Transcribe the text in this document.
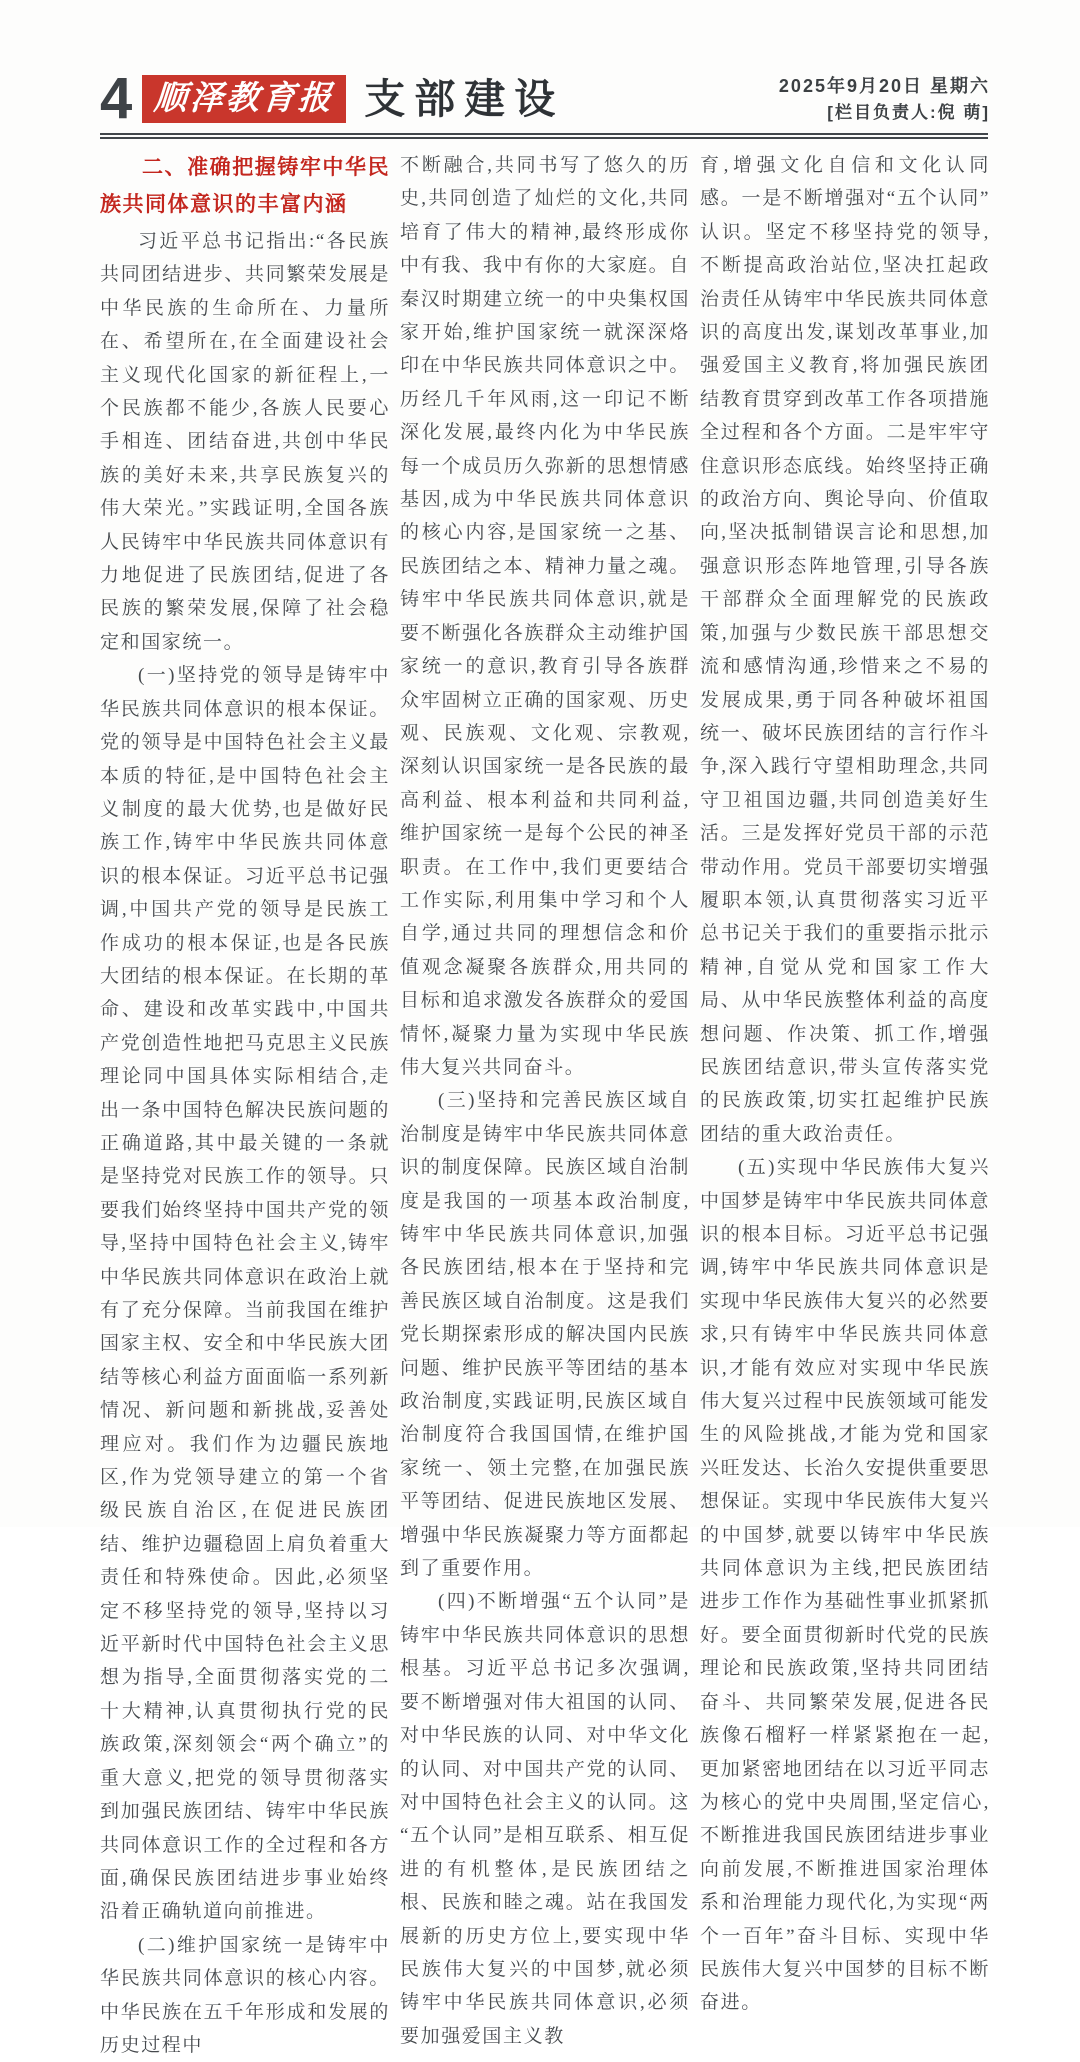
4 顺泽教育报 支部建设	2025年9月20日 星期六
[栏目负责人:倪 萌]
二、准确把握铸牢中华民族共同体意识的丰富内涵

习近平总书记指出:“各民族共同团结进步、共同繁荣发展是中华民族的生命所在、力量所在、希望所在,在全面建设社会主义现代化国家的新征程上,一个民族都不能少,各族人民要心手相连、团结奋进,共创中华民族的美好未来,共享民族复兴的伟大荣光。”实践证明,全国各族人民铸牢中华民族共同体意识有力地促进了民族团结,促进了各民族的繁荣发展,保障了社会稳定和国家统一。

(一)坚持党的领导是铸牢中华民族共同体意识的根本保证。党的领导是中国特色社会主义最本质的特征,是中国特色社会主义制度的最大优势,也是做好民族工作,铸牢中华民族共同体意识的根本保证。习近平总书记强调,中国共产党的领导是民族工作成功的根本保证,也是各民族大团结的根本保证。在长期的革命、建设和改革实践中,中国共产党创造性地把马克思主义民族理论同中国具体实际相结合,走出一条中国特色解决民族问题的正确道路,其中最关键的一条就是坚持党对民族工作的领导。只要我们始终坚持中国共产党的领导,坚持中国特色社会主义,铸牢中华民族共同体意识在政治上就有了充分保障。当前我国在维护国家主权、安全和中华民族大团结等核心利益方面面临一系列新情况、新问题和新挑战,妥善处理应对。我们作为边疆民族地区,作为党领导建立的第一个省级民族自治区,在促进民族团结、维护边疆稳固上肩负着重大责任和特殊使命。因此,必须坚定不移坚持党的领导,坚持以习近平新时代中国特色社会主义思想为指导,全面贯彻落实党的二十大精神,认真贯彻执行党的民族政策,深刻领会“两个确立”的重大意义,把党的领导贯彻落实到加强民族团结、铸牢中华民族共同体意识工作的全过程和各方面,确保民族团结进步事业始终沿着正确轨道向前推进。

(二)维护国家统一是铸牢中华民族共同体意识的核心内容。中华民族在五千年形成和发展的历史过程中

不断融合,共同书写了悠久的历史,共同创造了灿烂的文化,共同培育了伟大的精神,最终形成你中有我、我中有你的大家庭。自秦汉时期建立统一的中央集权国家开始,维护国家统一就深深烙印在中华民族共同体意识之中。历经几千年风雨,这一印记不断深化发展,最终内化为中华民族每一个成员历久弥新的思想情感基因,成为中华民族共同体意识的核心内容,是国家统一之基、民族团结之本、精神力量之魂。铸牢中华民族共同体意识,就是要不断强化各族群众主动维护国家统一的意识,教育引导各族群众牢固树立正确的国家观、历史观、民族观、文化观、宗教观,深刻认识国家统一是各民族的最高利益、根本利益和共同利益,维护国家统一是每个公民的神圣职责。在工作中,我们更要结合工作实际,利用集中学习和个人自学,通过共同的理想信念和价值观念凝聚各族群众,用共同的目标和追求激发各族群众的爱国情怀,凝聚力量为实现中华民族伟大复兴共同奋斗。

(三)坚持和完善民族区域自治制度是铸牢中华民族共同体意识的制度保障。民族区域自治制度是我国的一项基本政治制度,铸牢中华民族共同体意识,加强各民族团结,根本在于坚持和完善民族区域自治制度。这是我们党长期探索形成的解决国内民族问题、维护民族平等团结的基本政治制度,实践证明,民族区域自治制度符合我国国情,在维护国家统一、领土完整,在加强民族平等团结、促进民族地区发展、增强中华民族凝聚力等方面都起到了重要作用。

(四)不断增强“五个认同”是铸牢中华民族共同体意识的思想根基。习近平总书记多次强调,要不断增强对伟大祖国的认同、对中华民族的认同、对中华文化的认同、对中国共产党的认同、对中国特色社会主义的认同。这“五个认同”是相互联系、相互促进的有机整体,是民族团结之根、民族和睦之魂。站在我国发展新的历史方位上,要实现中华民族伟大复兴的中国梦,就必须铸牢中华民族共同体意识,必须要加强爱国主义教

育,增强文化自信和文化认同感。一是不断增强对“五个认同”认识。坚定不移坚持党的领导,不断提高政治站位,坚决扛起政治责任从铸牢中华民族共同体意识的高度出发,谋划改革事业,加强爱国主义教育,将加强民族团结教育贯穿到改革工作各项措施全过程和各个方面。二是牢牢守住意识形态底线。始终坚持正确的政治方向、舆论导向、价值取向,坚决抵制错误言论和思想,加强意识形态阵地管理,引导各族干部群众全面理解党的民族政策,加强与少数民族干部思想交流和感情沟通,珍惜来之不易的发展成果,勇于同各种破坏祖国统一、破坏民族团结的言行作斗争,深入践行守望相助理念,共同守卫祖国边疆,共同创造美好生活。三是发挥好党员干部的示范带动作用。党员干部要切实增强履职本领,认真贯彻落实习近平总书记关于我们的重要指示批示精神,自觉从党和国家工作大局、从中华民族整体利益的高度想问题、作决策、抓工作,增强民族团结意识,带头宣传落实党的民族政策,切实扛起维护民族团结的重大政治责任。

(五)实现中华民族伟大复兴中国梦是铸牢中华民族共同体意识的根本目标。习近平总书记强调,铸牢中华民族共同体意识是实现中华民族伟大复兴的必然要求,只有铸牢中华民族共同体意识,才能有效应对实现中华民族伟大复兴过程中民族领域可能发生的风险挑战,才能为党和国家兴旺发达、长治久安提供重要思想保证。实现中华民族伟大复兴的中国梦,就要以铸牢中华民族共同体意识为主线,把民族团结进步工作作为基础性事业抓紧抓好。要全面贯彻新时代党的民族理论和民族政策,坚持共同团结奋斗、共同繁荣发展,促进各民族像石榴籽一样紧紧抱在一起,更加紧密地团结在以习近平同志为核心的党中央周围,坚定信心,不断推进我国民族团结进步事业向前发展,不断推进国家治理体系和治理能力现代化,为实现“两个一百年”奋斗目标、实现中华民族伟大复兴中国梦的目标不断奋进。
